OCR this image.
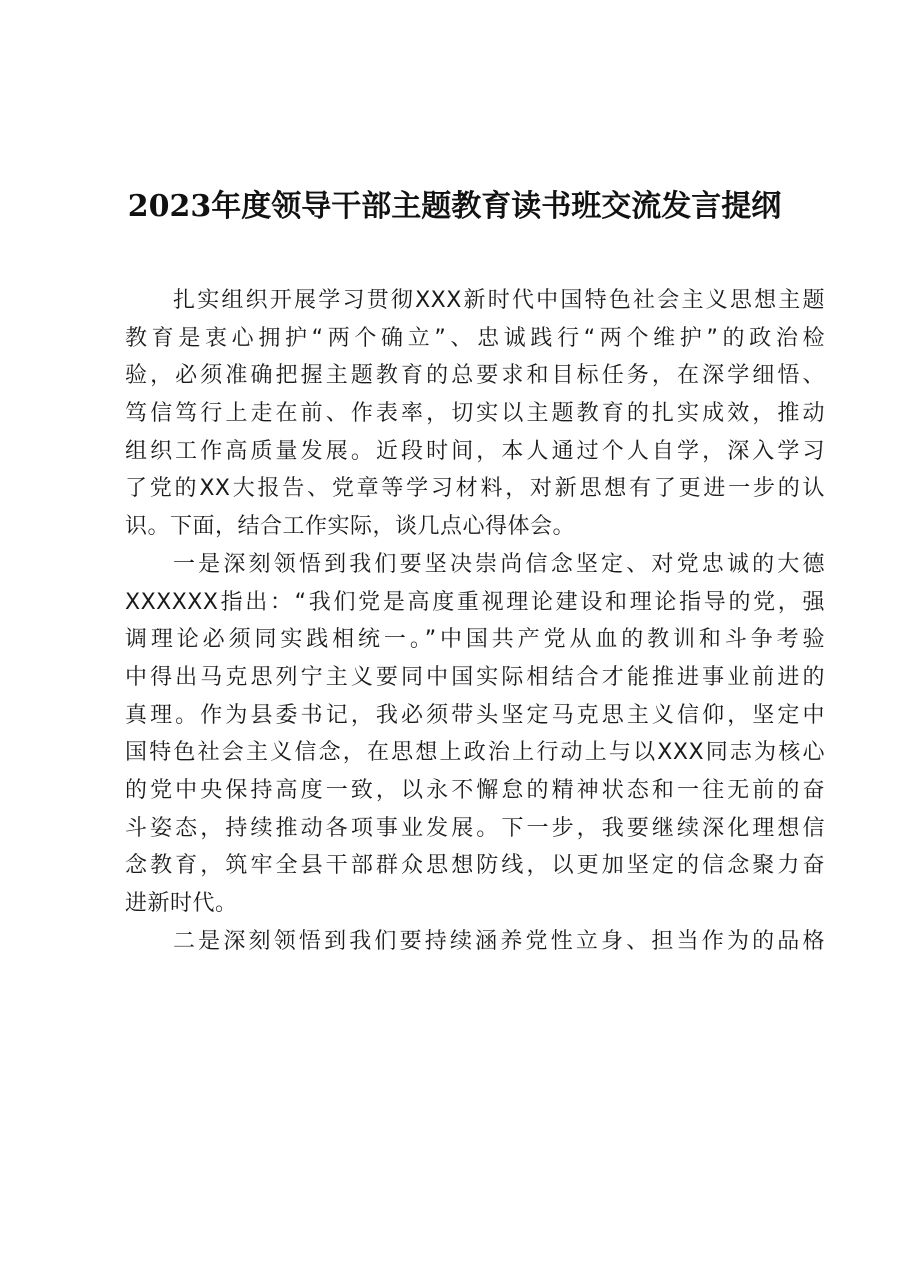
2023年度领导干部主题教育读书班交流发言提纲

扎实组织开展学习贯彻XXX新时代中国特色社会主义思想主题
教育是衷心拥护“两个确立”、忠诚践行“两个维护”的政治检
验，必须准确把握主题教育的总要求和目标任务，在深学细悟、
笃信笃行上走在前、作表率，切实以主题教育的扎实成效，推动
组织工作高质量发展。近段时间，本人通过个人自学，深入学习
了党的XX大报告、党章等学习材料，对新思想有了更进一步的认
识。下面，结合工作实际，谈几点心得体会。

一是深刻领悟到我们要坚决崇尚信念坚定、对党忠诚的大德
XXXXXX指出：“我们党是高度重视理论建设和理论指导的党，强
调理论必须同实践相统一。”中国共产党从血的教训和斗争考验
中得出马克思列宁主义要同中国实际相结合才能推进事业前进的
真理。作为县委书记，我必须带头坚定马克思主义信仰，坚定中
国特色社会主义信念，在思想上政治上行动上与以XXX同志为核心
的党中央保持高度一致，以永不懈怠的精神状态和一往无前的奋
斗姿态，持续推动各项事业发展。下一步，我要继续深化理想信
念教育，筑牢全县干部群众思想防线，以更加坚定的信念聚力奋
进新时代。

二是深刻领悟到我们要持续涵养党性立身、担当作为的品格
